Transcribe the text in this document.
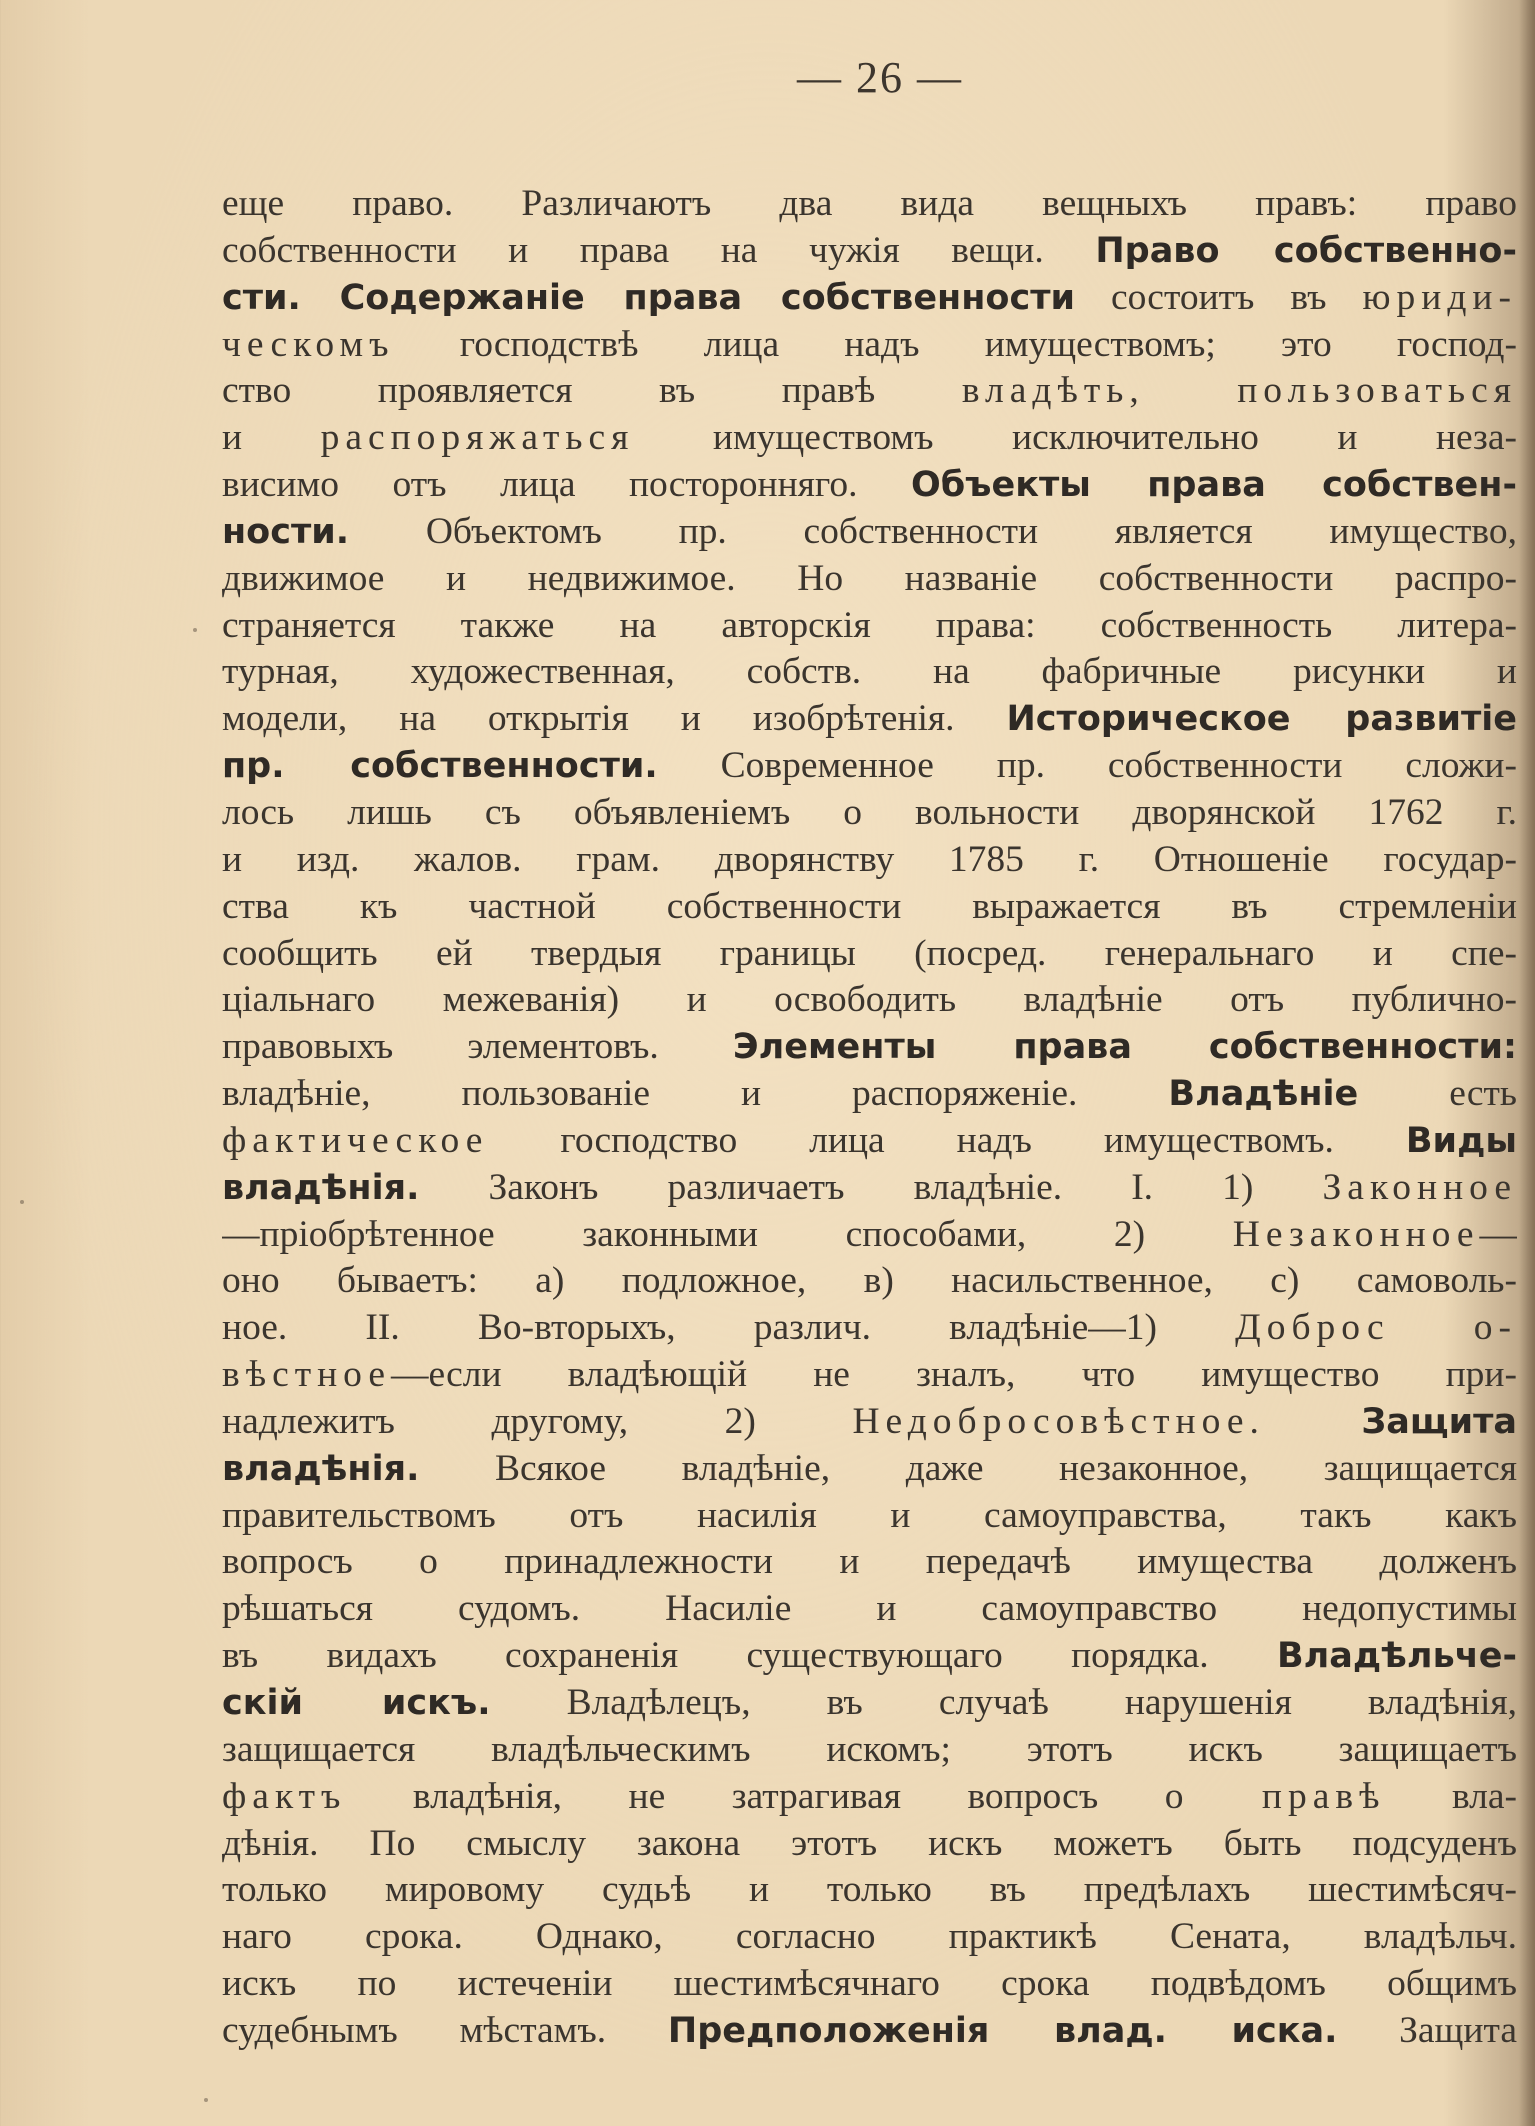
— 26 —
еще право. Различаютъ два вида вещныхъ правъ: право
собственности и права на чужія вещи. Право собственно-
сти. Содержаніе права собственности состоитъ въ юриди-
ческомъ господствѣ лица надъ имуществомъ; это господ-
ство проявляется въ правѣ владѣть, пользоваться
и распоряжаться имуществомъ исключительно и неза-
висимо отъ лица посторонняго. Объекты права собствен-
ности. Объектомъ пр. собственности является имущество,
движимое и недвижимое. Но названіе собственности распро-
страняется также на авторскія права: собственность литера-
турная, художественная, собств. на фабричные рисунки и
модели, на открытія и изобрѣтенія. Историческое развитіе
пр. собственности. Современное пр. собственности сложи-
лось лишь съ объявленіемъ о вольности дворянской 1762 г.
и изд. жалов. грам. дворянству 1785 г. Отношеніе государ-
ства къ частной собственности выражается въ стремленіи
сообщить ей твердыя границы (посред. генеральнаго и спе-
ціальнаго межеванія) и освободить владѣніе отъ публично-
правовыхъ элементовъ. Элементы права собственности:
владѣніе, пользованіе и распоряженіе. Владѣніе есть
фактическое господство лица надъ имуществомъ. Виды
владѣнія. Законъ различаетъ владѣніе. I. 1) Законное
—пріобрѣтенное законными способами, 2) Незаконное—
оно бываетъ: а) подложное, в) насильственное, с) самоволь-
ное. II. Во-вторыхъ, различ. владѣніе—1) Доброс о-
вѣстное—если владѣющій не зналъ, что имущество при-
надлежитъ другому, 2) Недобросовѣстное.	Защита
владѣнія. Всякое владѣніе, даже незаконное, защищается
правительствомъ отъ насилія и самоуправства, такъ какъ
вопросъ о принадлежности и передачѣ имущества долженъ
рѣшаться судомъ. Насиліе и самоуправство недопустимы
въ видахъ сохраненія существующаго порядка. Владѣльче-
скій искъ. Владѣлецъ, въ случаѣ нарушенія владѣнія,
защищается владѣльческимъ искомъ; этотъ искъ защищаетъ
фактъ владѣнія, не затрагивая вопросъ о правѣ вла-
дѣнія. По смыслу закона этотъ искъ можетъ быть подсуденъ
только мировому судьѣ и только въ предѣлахъ шестимѣсяч-
наго срока. Однако, согласно практикѣ Сената, владѣльч.
искъ по истеченіи шестимѣсячнаго срока подвѣдомъ общимъ
судебнымъ мѣстамъ. Предположенія влад. иска. Защита
